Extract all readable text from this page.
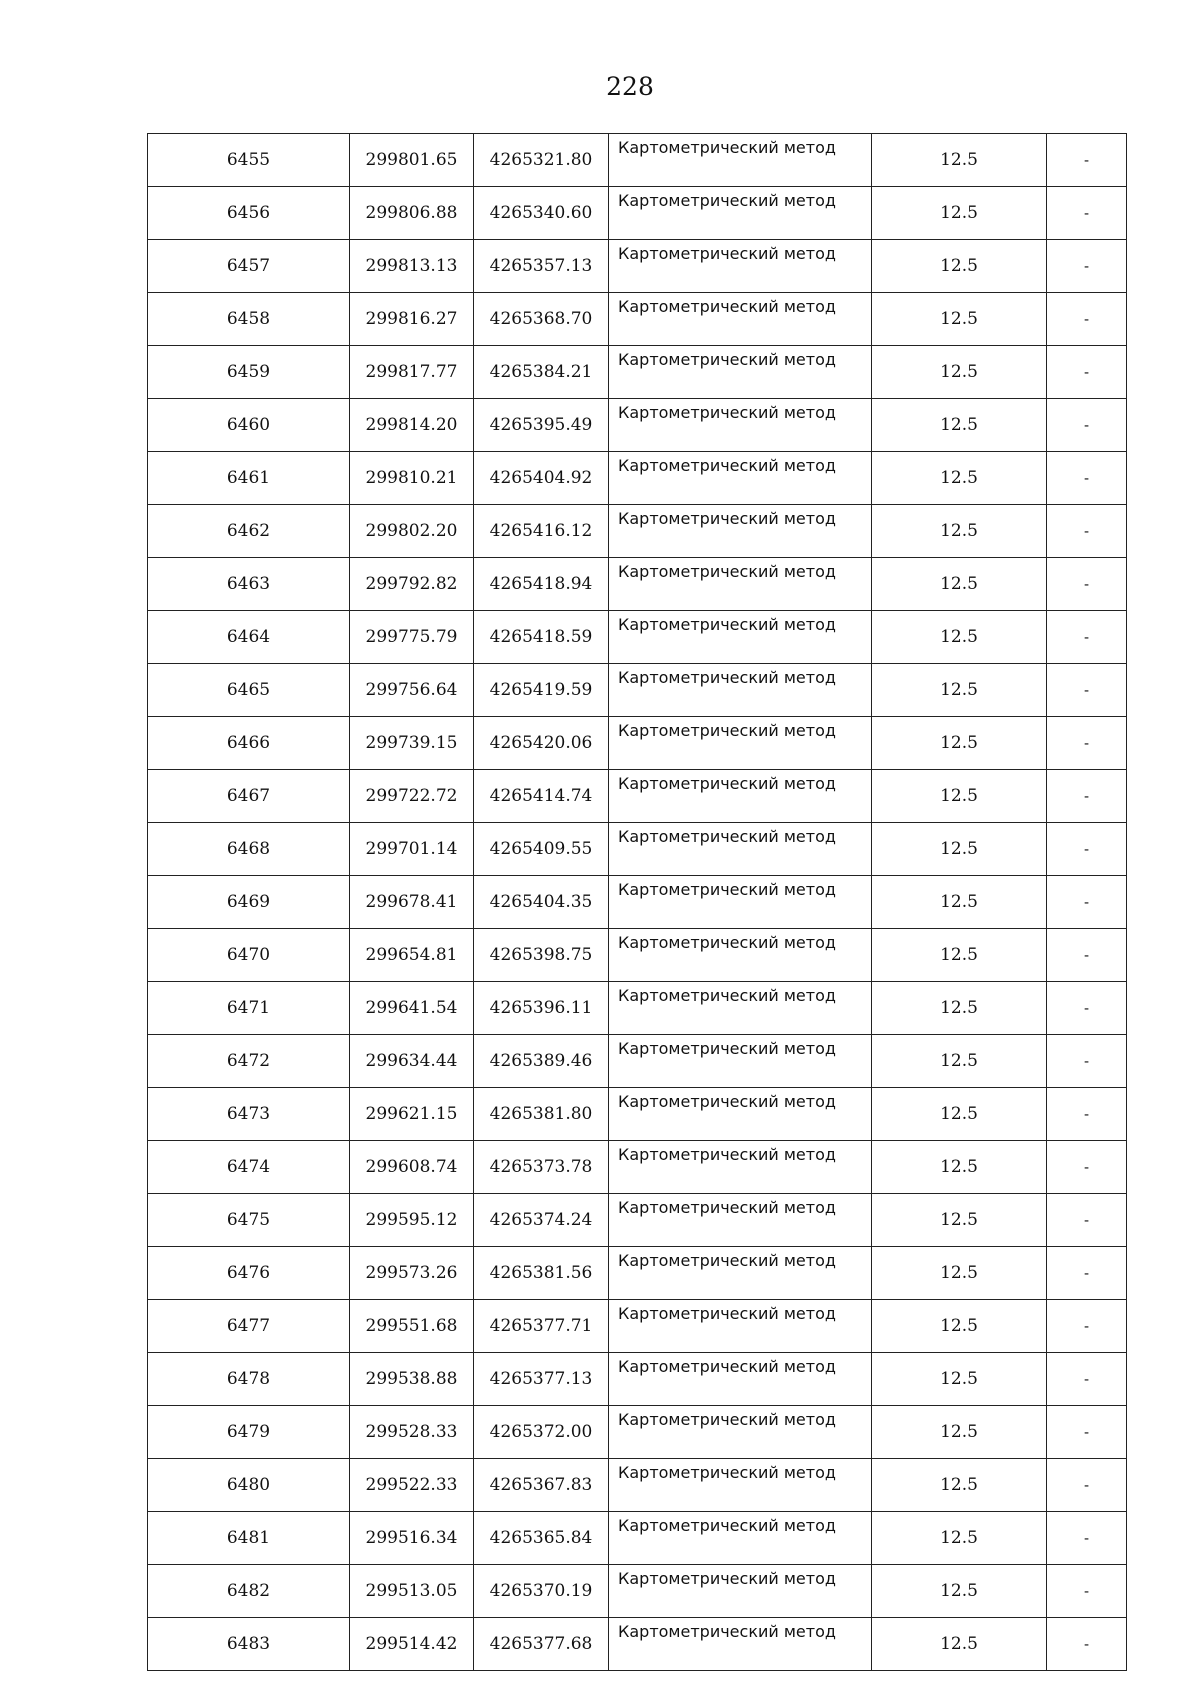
228
6455	299801.65	4265321.80	Картометрический метод	12.5	-
6456	299806.88	4265340.60	Картометрический метод	12.5	-
6457	299813.13	4265357.13	Картометрический метод	12.5	-
6458	299816.27	4265368.70	Картометрический метод	12.5	-
6459	299817.77	4265384.21	Картометрический метод	12.5	-
6460	299814.20	4265395.49	Картометрический метод	12.5	-
6461	299810.21	4265404.92	Картометрический метод	12.5	-
6462	299802.20	4265416.12	Картометрический метод	12.5	-
6463	299792.82	4265418.94	Картометрический метод	12.5	-
6464	299775.79	4265418.59	Картометрический метод	12.5	-
6465	299756.64	4265419.59	Картометрический метод	12.5	-
6466	299739.15	4265420.06	Картометрический метод	12.5	-
6467	299722.72	4265414.74	Картометрический метод	12.5	-
6468	299701.14	4265409.55	Картометрический метод	12.5	-
6469	299678.41	4265404.35	Картометрический метод	12.5	-
6470	299654.81	4265398.75	Картометрический метод	12.5	-
6471	299641.54	4265396.11	Картометрический метод	12.5	-
6472	299634.44	4265389.46	Картометрический метод	12.5	-
6473	299621.15	4265381.80	Картометрический метод	12.5	-
6474	299608.74	4265373.78	Картометрический метод	12.5	-
6475	299595.12	4265374.24	Картометрический метод	12.5	-
6476	299573.26	4265381.56	Картометрический метод	12.5	-
6477	299551.68	4265377.71	Картометрический метод	12.5	-
6478	299538.88	4265377.13	Картометрический метод	12.5	-
6479	299528.33	4265372.00	Картометрический метод	12.5	-
6480	299522.33	4265367.83	Картометрический метод	12.5	-
6481	299516.34	4265365.84	Картометрический метод	12.5	-
6482	299513.05	4265370.19	Картометрический метод	12.5	-
6483	299514.42	4265377.68	Картометрический метод	12.5	-
